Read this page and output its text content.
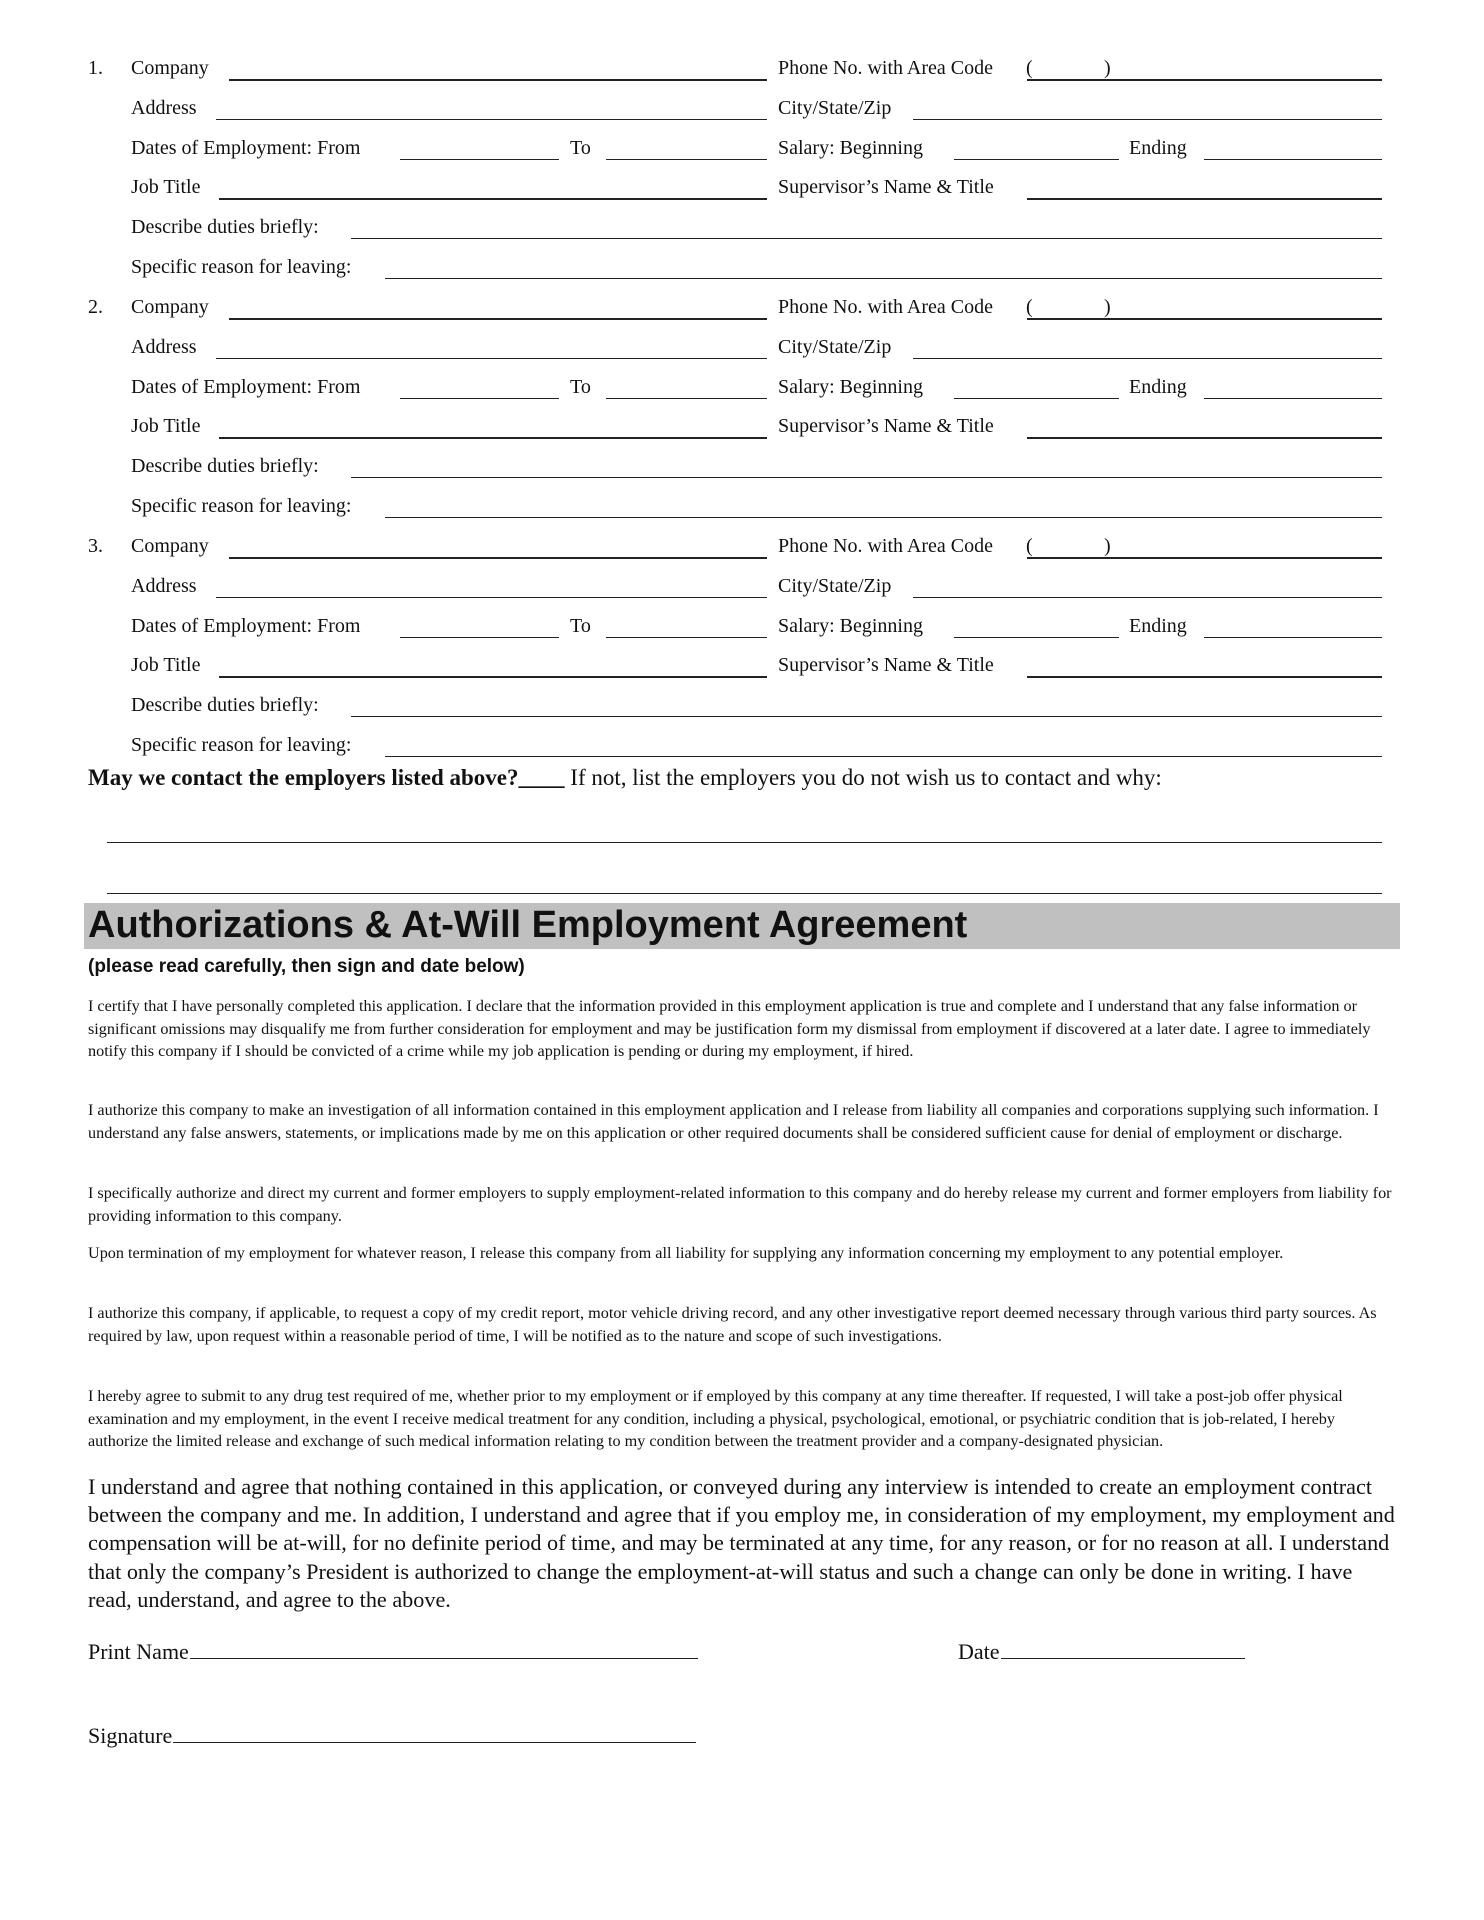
1. Company	Phone No. with Area Code (	)
Address	City/State/Zip
Dates of Employment: From	To	Salary: Beginning	Ending
Job Title	Supervisor’s Name & Title
Describe duties briefly:
Specific reason for leaving:
2. Company	Phone No. with Area Code (	)
Address	City/State/Zip
Dates of Employment: From	To	Salary: Beginning	Ending
Job Title	Supervisor’s Name & Title
Describe duties briefly:
Specific reason for leaving:
3. Company	Phone No. with Area Code (	)
Address	City/State/Zip
Dates of Employment: From	To	Salary: Beginning	Ending
Job Title	Supervisor’s Name & Title
Describe duties briefly:
Specific reason for leaving:
May we contact the employers listed above?____ If not, list the employers you do not wish us to contact and why:
Authorizations & At-Will Employment Agreement
(please read carefully, then sign and date below)

I certify that I have personally completed this application. I declare that the information provided in this employment application is true and complete and I understand that any false information or significant omissions may disqualify me from further consideration for employment and may be justification form my dismissal from employment if discovered at a later date. I agree to immediately notify this company if I should be convicted of a crime while my job application is pending or during my employment, if hired.

I authorize this company to make an investigation of all information contained in this employment application and I release from liability all companies and corporations supplying such information. I understand any false answers, statements, or implications made by me on this application or other required documents shall be considered sufficient cause for denial of employment or discharge.

I specifically authorize and direct my current and former employers to supply employment-related information to this company and do hereby release my current and former employers from liability for providing information to this company.

Upon termination of my employment for whatever reason, I release this company from all liability for supplying any information concerning my employment to any potential employer.

I authorize this company, if applicable, to request a copy of my credit report, motor vehicle driving record, and any other investigative report deemed necessary through various third party sources. As required by law, upon request within a reasonable period of time, I will be notified as to the nature and scope of such investigations.

I hereby agree to submit to any drug test required of me, whether prior to my employment or if employed by this company at any time thereafter. If requested, I will take a post-job offer physical examination and my employment, in the event I receive medical treatment for any condition, including a physical, psychological, emotional, or psychiatric condition that is job-related, I hereby authorize the limited release and exchange of such medical information relating to my condition between the treatment provider and a company-designated physician.

I understand and agree that nothing contained in this application, or conveyed during any interview is intended to create an employment contract between the company and me. In addition, I understand and agree that if you employ me, in consideration of my employment, my employment and compensation will be at-will, for no definite period of time, and may be terminated at any time, for any reason, or for no reason at all. I understand that only the company’s President is authorized to change the employment-at-will status and such a change can only be done in writing. I have read, understand, and agree to the above.

Print Name	Date
Signature
